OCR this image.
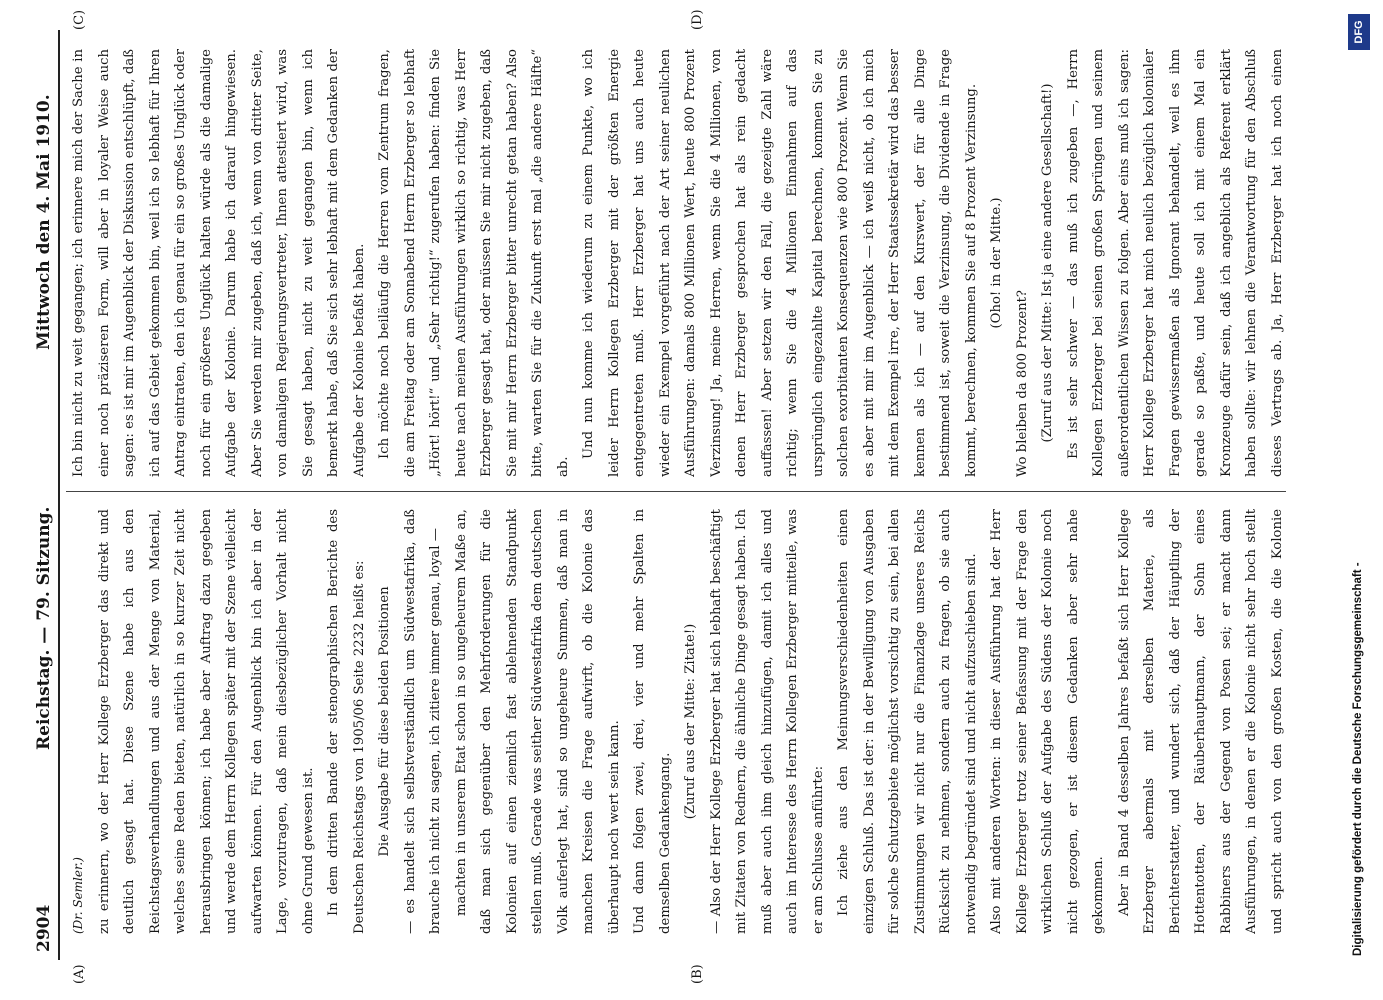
2904
Reichstag. — 79. Sitzung.
Mittwoch den 4. Mai 1910.
(A)	(B)
(C)	(D)

(Dr. Semler.) zu erinnern, wo der Herr Kollege Erzberger das direkt und deutlich gesagt hat. Diese Szene habe ich aus den Reichstagsverhandlungen und aus der Menge von Material, welches seine Reden bieten, natürlich in so kurzer Zeit nicht herausbringen können; ich habe aber Auftrag dazu gegeben und werde dem Herrn Kollegen später mit der Szene vielleicht aufwarten können. Für den Augenblick bin ich aber in der Lage, vorzutragen, daß mein diesbezüglicher Vorhalt nicht ohne Grund gewesen ist. In dem dritten Bande der stenographischen Berichte des Deutschen Reichstags von 1905/06 Seite 2232 heißt es: Die Ausgabe für diese beiden Positionen — es handelt sich selbstverständlich um Südwestafrika, daß brauche ich nicht zu sagen, ich zitiere immer genau, loyal — machten in unserem Etat schon in so ungeheurem Maße an, daß man sich gegenüber den Mehrforderungen für die Kolonien auf einen ziemlich fast ablehnenden Standpunkt stellen muß. Gerade was seither Südwestafrika dem deutschen Volk auferlegt hat, sind so ungeheure Summen, daß man in manchen Kreisen die Frage aufwirft, ob die Kolonie das überhaupt noch wert sein kann. Und dann folgen zwei, drei, vier und mehr Spalten in demselben Gedankengang.

(Zuruf aus der Mitte: Zitate!) — Also der Herr Kollege Erzberger hat sich lebhaft beschäftigt mit Zitaten von Rednern, die ähnliche Dinge gesagt haben. Ich muß aber auch ihm gleich hinzufügen, damit ich alles und auch im Interesse des Herrn Kollegen Erzberger mitteile, was er am Schlusse anführte: Ich ziehe aus den Meinungsverschiedenheiten einen einzigen Schluß. Das ist der: in der Bewilligung von Ausgaben für solche Schutzgebiete möglichst vorsichtig zu sein, bei allen Zustimmungen wir nicht nur die Finanzlage unseres Reichs Rücksicht zu nehmen, sondern auch zu fragen, ob sie auch notwendig begründet sind und nicht aufzuschieben sind. Also mit anderen Worten: in dieser Ausführung hat der Herr Kollege Erzberger trotz seiner Befassung mit der Frage den wirklichen Schluß der Aufgabe des Südens der Kolonie noch nicht gezogen, er ist diesem Gedanken aber sehr nahe gekommen. Aber in Band 4 desselben Jahres befaßt sich Herr Kollege Erzberger abermals mit derselben Materie, als Berichterstatter, und wundert sich, daß der Häuptling der Hottentotten, der Räuberhauptmann, der Sohn eines Rabbiners aus der Gegend von Posen sei; er macht dann Ausführungen, in denen er die Kolonie nicht sehr hoch stellt und spricht auch von den großen Kosten, die die Kolonie

Ich bin nicht zu weit gegangen; ich erinnere mich der Sache in einer noch präziseren Form, will aber in loyaler Weise auch sagen: es ist mir im Augenblick der Diskussion entschlüpft, daß ich auf das Gebiet gekommen bin, weil ich so lebhaft für Ihren Antrag eintraten, den ich genau für ein so großes Unglück oder noch für ein größeres Unglück halten würde als die damalige Aufgabe der Kolonie. Darum habe ich darauf hingewiesen. Aber Sie werden mir zugeben, daß ich, wenn von dritter Seite, von damaligen Regierungsvertreter, Ihnen attestiert wird, was Sie gesagt haben, nicht zu weit gegangen bin, wenn ich bemerkt habe, daß Sie sich sehr lebhaft mit dem Gedanken der Aufgabe der Kolonie befaßt haben. Ich möchte noch beiläufig die Herren vom Zentrum fragen, die am Freitag oder am Sonnabend Herrn Erzberger so lebhaft „Hört! hört!“ und „Sehr richtig!“ zugerufen haben: finden Sie heute nach meinen Ausführungen wirklich so richtig, was Herr Erzberger gesagt hat, oder müssen Sie mir nicht zugeben, daß Sie mit mir Herrn Erzberger bitter unrecht getan haben? Also bitte, warten Sie für die Zukunft erst mal „die andere Hälfte“ ab.

Und nun komme ich wiederum zu einem Punkte, wo ich leider Herrn Kollegen Erzberger mit der größten Energie entgegentreten muß. Herr Erzberger hat uns auch heute wieder ein Exempel vorgeführt nach der Art seiner neulichen Ausführungen: damals 800 Millionen Wert, heute 800 Prozent Verzinsung! Ja, meine Herren, wenn Sie die 4 Millionen, von denen Herr Erzberger gesprochen hat als rein gedacht auffassen! Aber setzen wir den Fall, die gezeigte Zahl wäre richtig; wenn Sie die 4 Millionen Einnahmen auf das ursprünglich eingezahlte Kapital berechnen, kommen Sie zu solchen exorbitanten Konsequenzen wie 800 Prozent. Wenn Sie es aber mit mir im Augenblick — ich weiß nicht, ob ich mich mit dem Exempel irre, der Herr Staatssekretär wird das besser kennen als ich — auf den Kurswert, der für alle Dinge bestimmend ist, soweit die Verzinsung, die Dividende in Frage kommt, berechnen, kommen Sie auf 8 Prozent Verzinsung. (Oho! in der Mitte.)

Wo bleiben da 800 Prozent? (Zuruf aus der Mitte: Ist ja eine andere Gesellschaft!)

Es ist sehr schwer — das muß ich zugeben —, Herrn Kollegen Erzberger bei seinen großen Sprüngen und seinem außerordentlichen Wissen zu folgen. Aber eins muß ich sagen: Herr Kollege Erzberger hat mich neulich bezüglich kolonialer Fragen gewissermaßen als Ignorant behandelt, weil es ihm gerade so paßte, und heute soll ich mit einem Mal ein Kronzeuge dafür sein, daß ich angeblich als Referent erklärt haben sollte: wir lehnen die Verantwortung für den Abschluß dieses Vertrags ab. Ja, Herr Erzberger hat ich noch einen

Digitalisierung gefördert durch die Deutsche Forschungsgemeinschaft -
DFG
